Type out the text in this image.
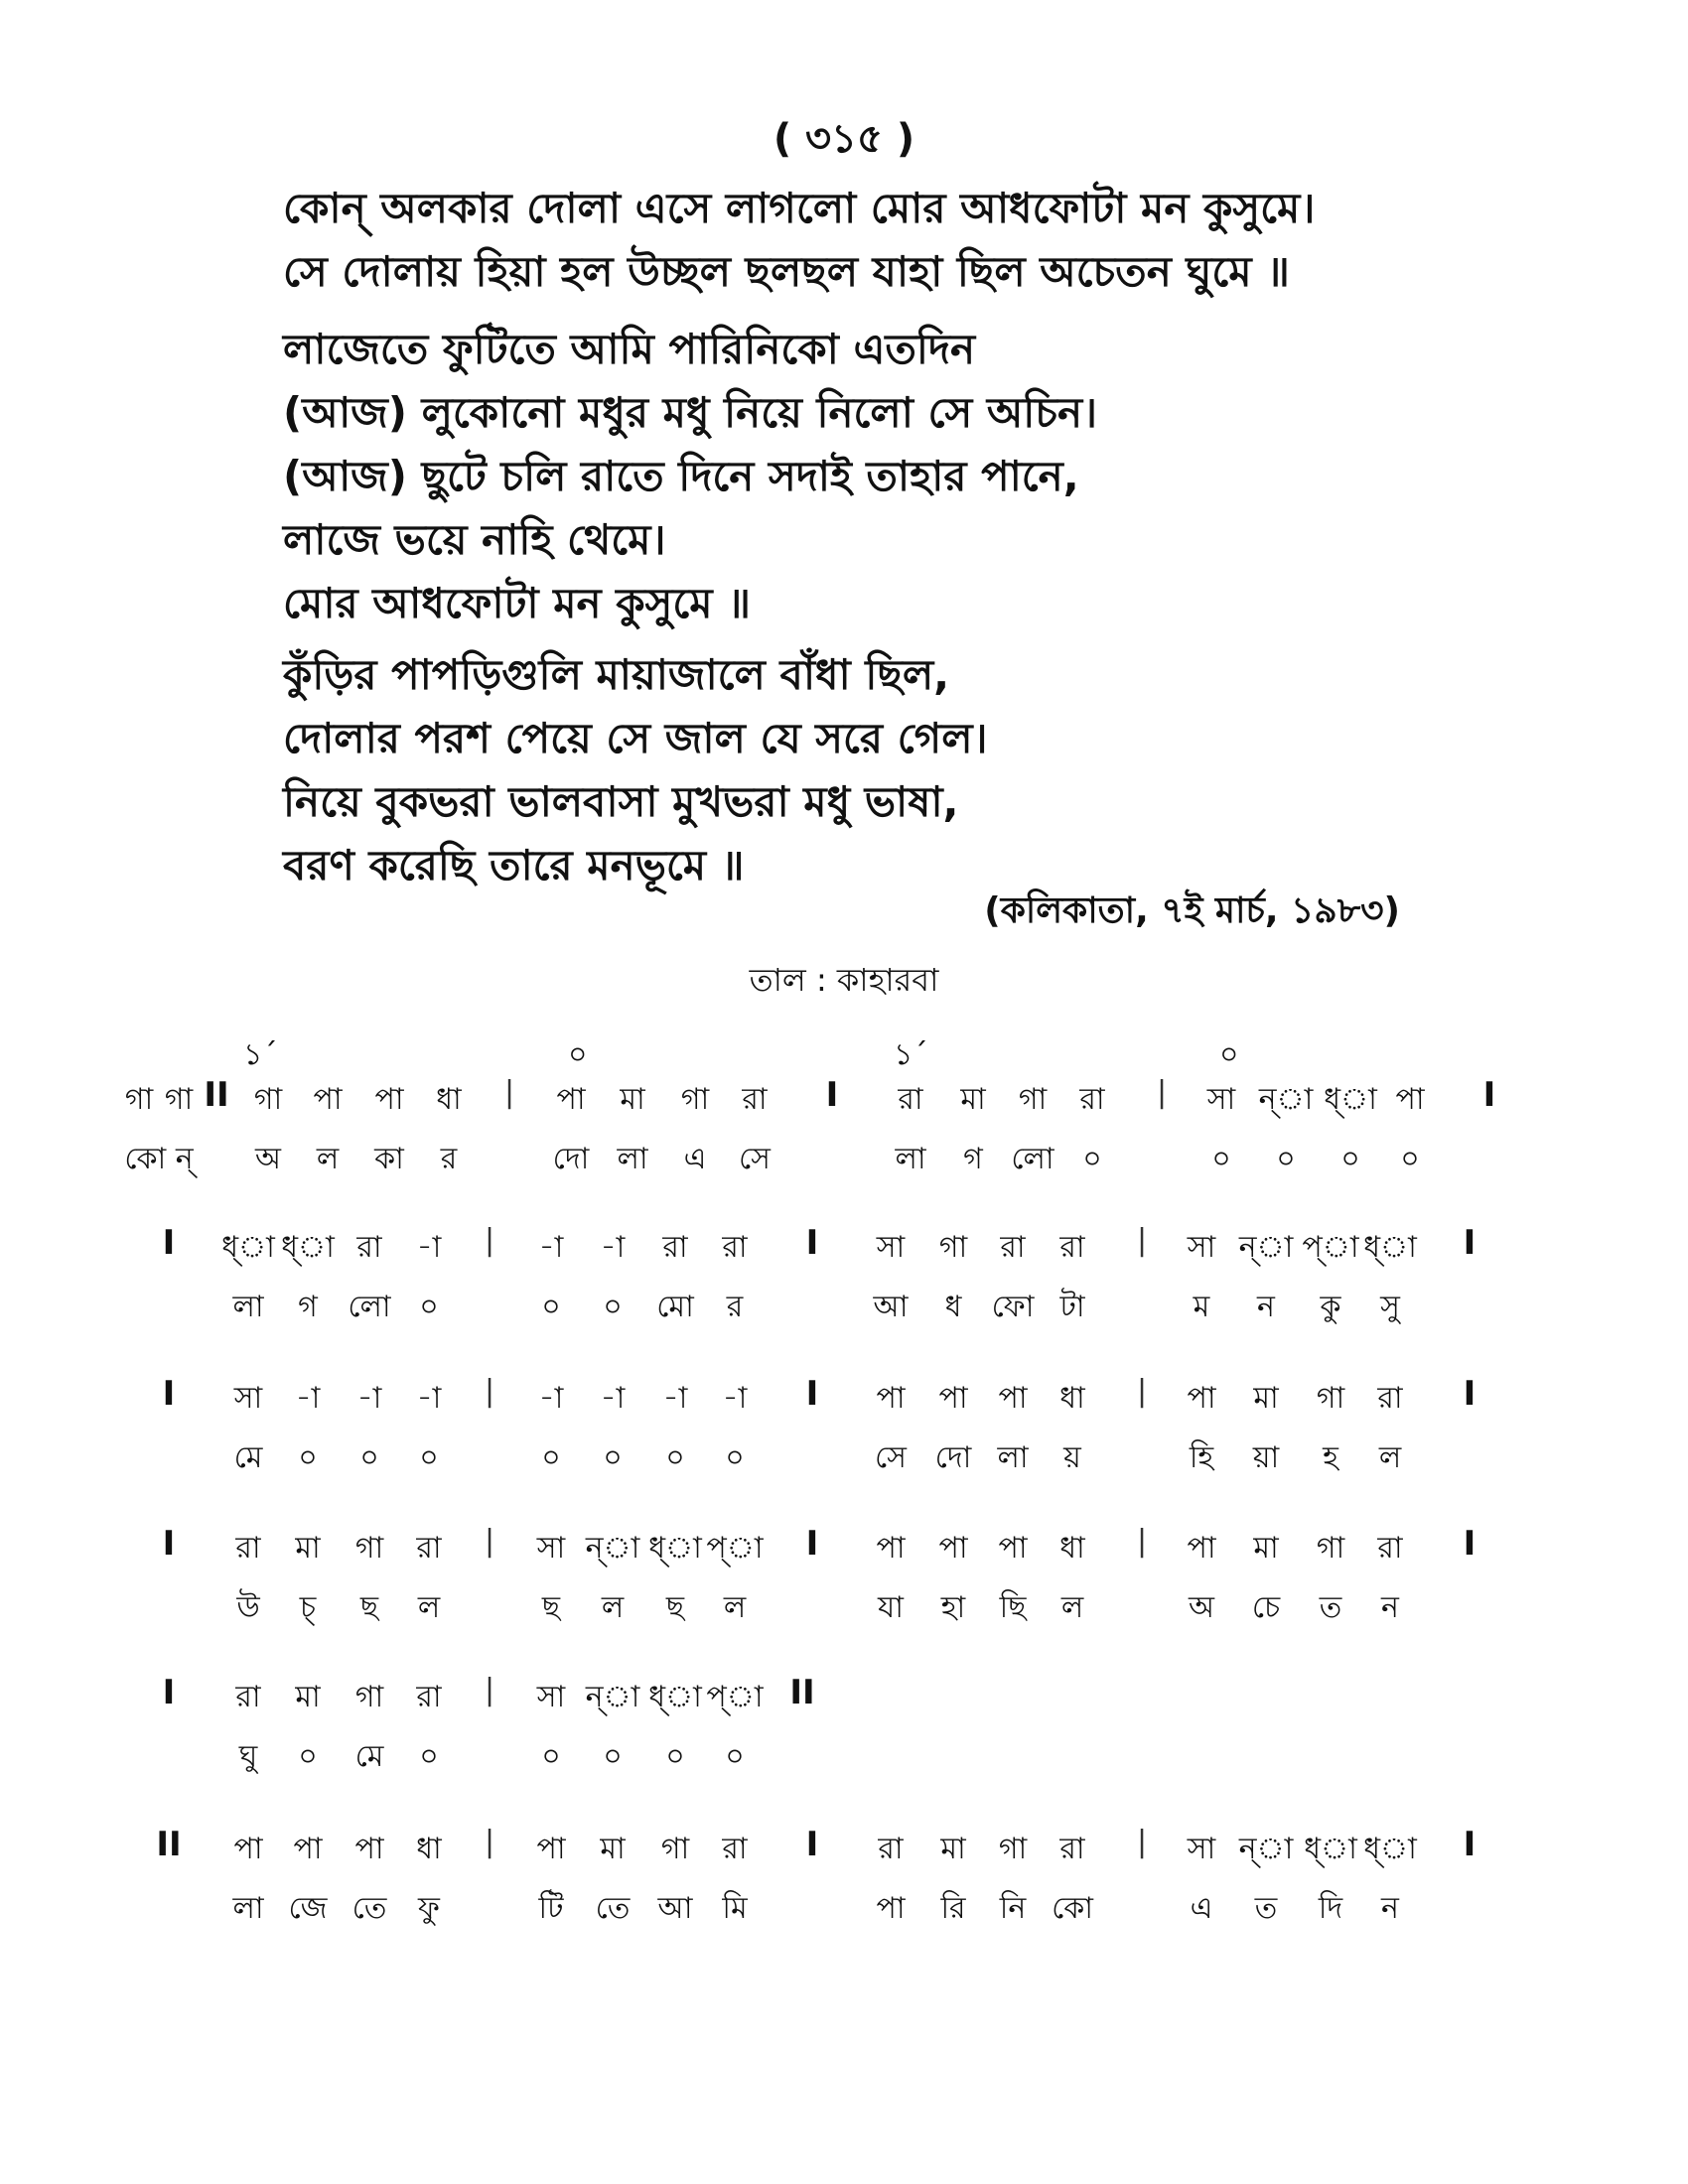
( ৩১৫ )
কোন্ অলকার দোলা এসে লাগলো মোর আধফোটা মন কুসুমে।
সে দোলায় হিয়া হল উচ্ছল ছলছল যাহা ছিল অচেতন ঘুমে ॥
লাজেতে ফুটিতে আমি পারিনিকো এতদিন
(আজ) লুকোনো মধুর মধু নিয়ে নিলো সে অচিন।
(আজ) ছুটে চলি রাতে দিনে সদাই তাহার পানে,
লাজে ভয়ে নাহি থেমে।
মোর আধফোটা মন কুসুমে ॥
কুঁড়ির পাপড়িগুলি মায়াজালে বাঁধা ছিল,
দোলার পরশ পেয়ে সে জাল যে সরে গেল।
নিয়ে বুকভরা ভালবাসা মুখভরা মধু ভাষা,
বরণ করেছি তারে মনভূমে ॥
(কলিকাতা, ৭ই মার্চ, ১৯৮৩)
তাল : কাহারবা
১´	০	১´	০
গা গা II গা পা পা ধা	পা মা গা রা	রা মা গা রা	সা ন্া ধ্া পা
|	I	|	I
কো ন্ অ ল কা র	দো লা এ সে	লা গ লো ০	০ ০ ০ ০
I ধ্া ধ্া রা -া	-া -া রা রা	সা গা রা রা	সা ন্া প্া ধ্া
|	I	|	I
লা গ লো ০	০ ০ মো র	আ ধ ফো টা	ম ন কু সু
I সা -া -া -া	-া -া -া -া	পা পা পা ধা	পা মা গা রা
|	I	|	I
মে ০ ০ ০	০ ০ ০ ০	সে দো লা য়	হি য়া হ ল
I রা মা গা রা	সা ন্া ধ্া প্া	পা পা পা ধা	পা মা গা রা
|	I	|	I
উ চ্ ছ ল	ছ ল ছ ল	যা হা ছি ল	অ চে ত ন
I রা মা গা রা	সা ন্া ধ্া প্া
|	II
ঘু ০ মে ০	০ ০ ০ ০
II পা পা পা ধা	পা মা গা রা	রা মা গা রা	সা ন্া ধ্া ধ্া
|	I	|	I
লা জে তে ফু	টি তে আ মি	পা রি নি কো	এ ত দি ন
